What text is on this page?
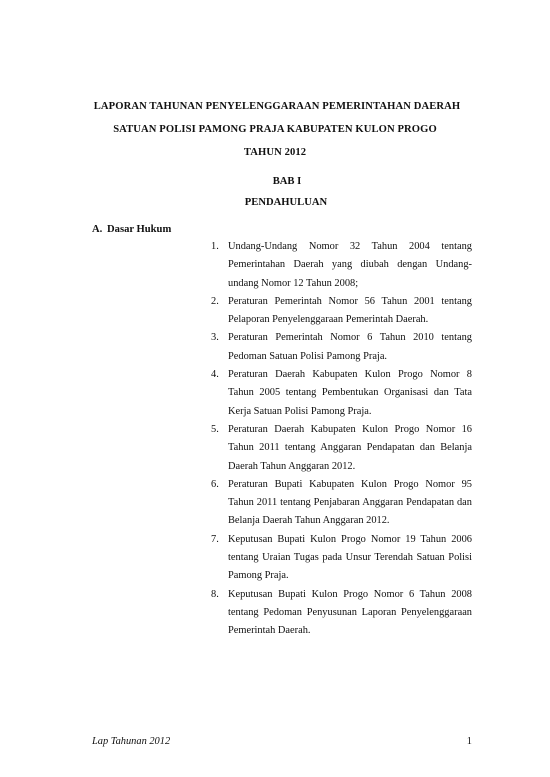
LAPORAN TAHUNAN PENYELENGGARAAN PEMERINTAHAN DAERAH
SATUAN POLISI PAMONG PRAJA KABUPATEN KULON PROGO
TAHUN 2012
BAB I
PENDAHULUAN
A. Dasar Hukum
1. Undang-Undang Nomor 32 Tahun 2004 tentang Pemerintahan Daerah yang diubah dengan Undang-undang Nomor 12 Tahun 2008;
2. Peraturan Pemerintah Nomor 56 Tahun 2001 tentang Pelaporan Penyelenggaraan Pemerintah Daerah.
3. Peraturan Pemerintah Nomor 6 Tahun 2010 tentang Pedoman Satuan Polisi Pamong Praja.
4. Peraturan Daerah Kabupaten Kulon Progo Nomor 8 Tahun 2005 tentang Pembentukan Organisasi dan Tata Kerja Satuan Polisi Pamong Praja.
5. Peraturan Daerah Kabupaten Kulon Progo Nomor 16 Tahun 2011 tentang Anggaran Pendapatan dan Belanja Daerah Tahun Anggaran 2012.
6. Peraturan Bupati Kabupaten Kulon Progo Nomor 95 Tahun 2011 tentang Penjabaran Anggaran Pendapatan dan Belanja Daerah Tahun Anggaran 2012.
7. Keputusan Bupati Kulon Progo Nomor 19 Tahun 2006 tentang Uraian Tugas pada Unsur Terendah Satuan Polisi Pamong Praja.
8. Keputusan Bupati Kulon Progo Nomor 6 Tahun 2008 tentang Pedoman Penyusunan Laporan Penyelenggaraan Pemerintah Daerah.
Lap Tahunan 2012	1
